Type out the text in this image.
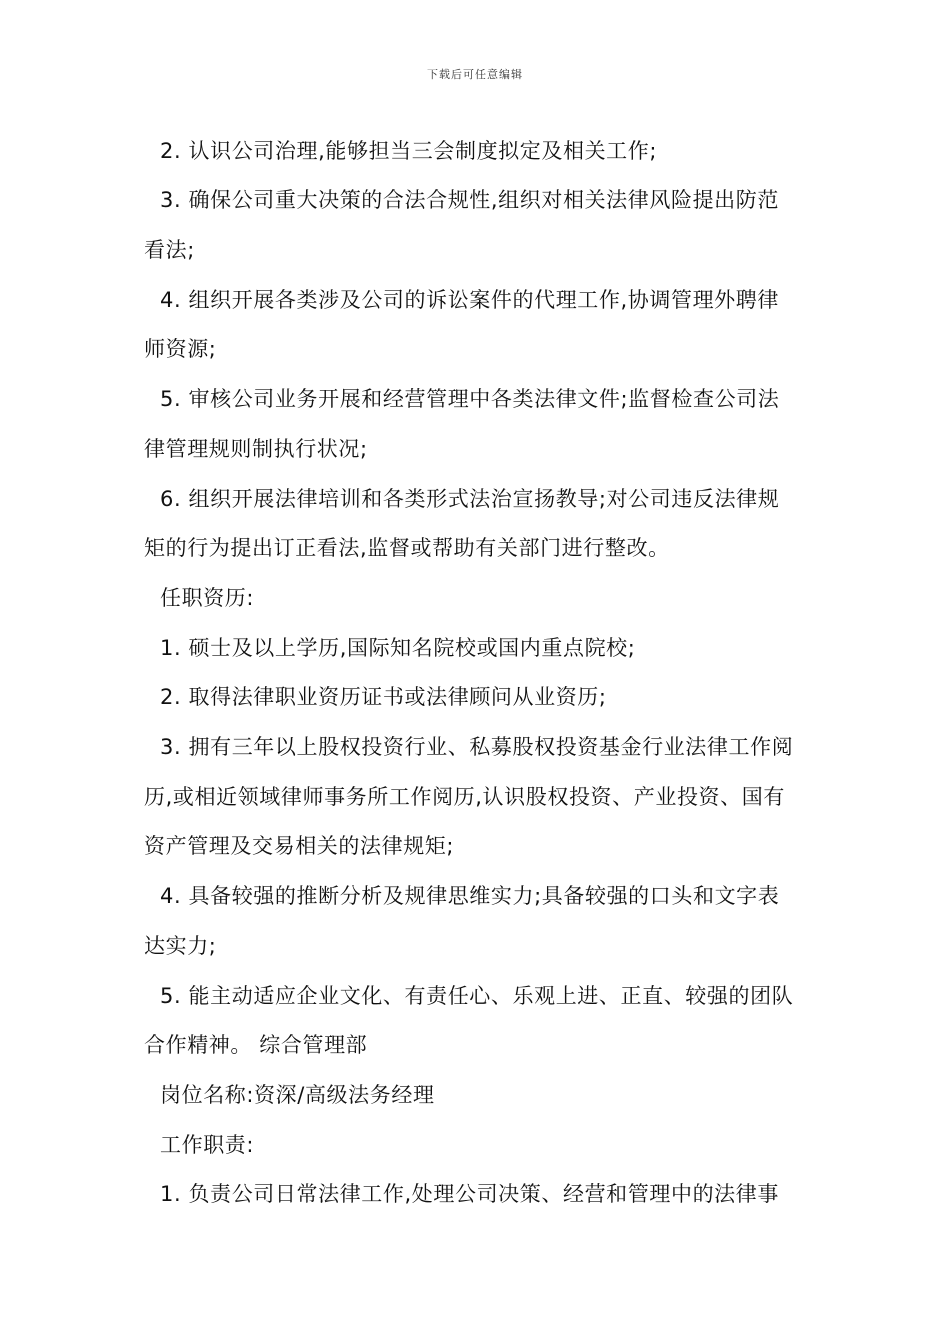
下载后可任意编辑
2. 认识公司治理,能够担当三会制度拟定及相关工作;
3. 确保公司重大决策的合法合规性,组织对相关法律风险提出防范
看法;
4. 组织开展各类涉及公司的诉讼案件的代理工作,协调管理外聘律
师资源;
5. 审核公司业务开展和经营管理中各类法律文件;监督检查公司法
律管理规则制执行状况;
6. 组织开展法律培训和各类形式法治宣扬教导;对公司违反法律规
矩的行为提出订正看法,监督或帮助有关部门进行整改。
任职资历:
1. 硕士及以上学历,国际知名院校或国内重点院校;
2. 取得法律职业资历证书或法律顾问从业资历;
3. 拥有三年以上股权投资行业、私募股权投资基金行业法律工作阅
历,或相近领域律师事务所工作阅历,认识股权投资、产业投资、国有
资产管理及交易相关的法律规矩;
4. 具备较强的推断分析及规律思维实力;具备较强的口头和文字表
达实力;
5. 能主动适应企业文化、有责任心、乐观上进、正直、较强的团队
合作精神。 综合管理部
岗位名称:资深/高级法务经理
工作职责:
1. 负责公司日常法律工作,处理公司决策、经营和管理中的法律事
